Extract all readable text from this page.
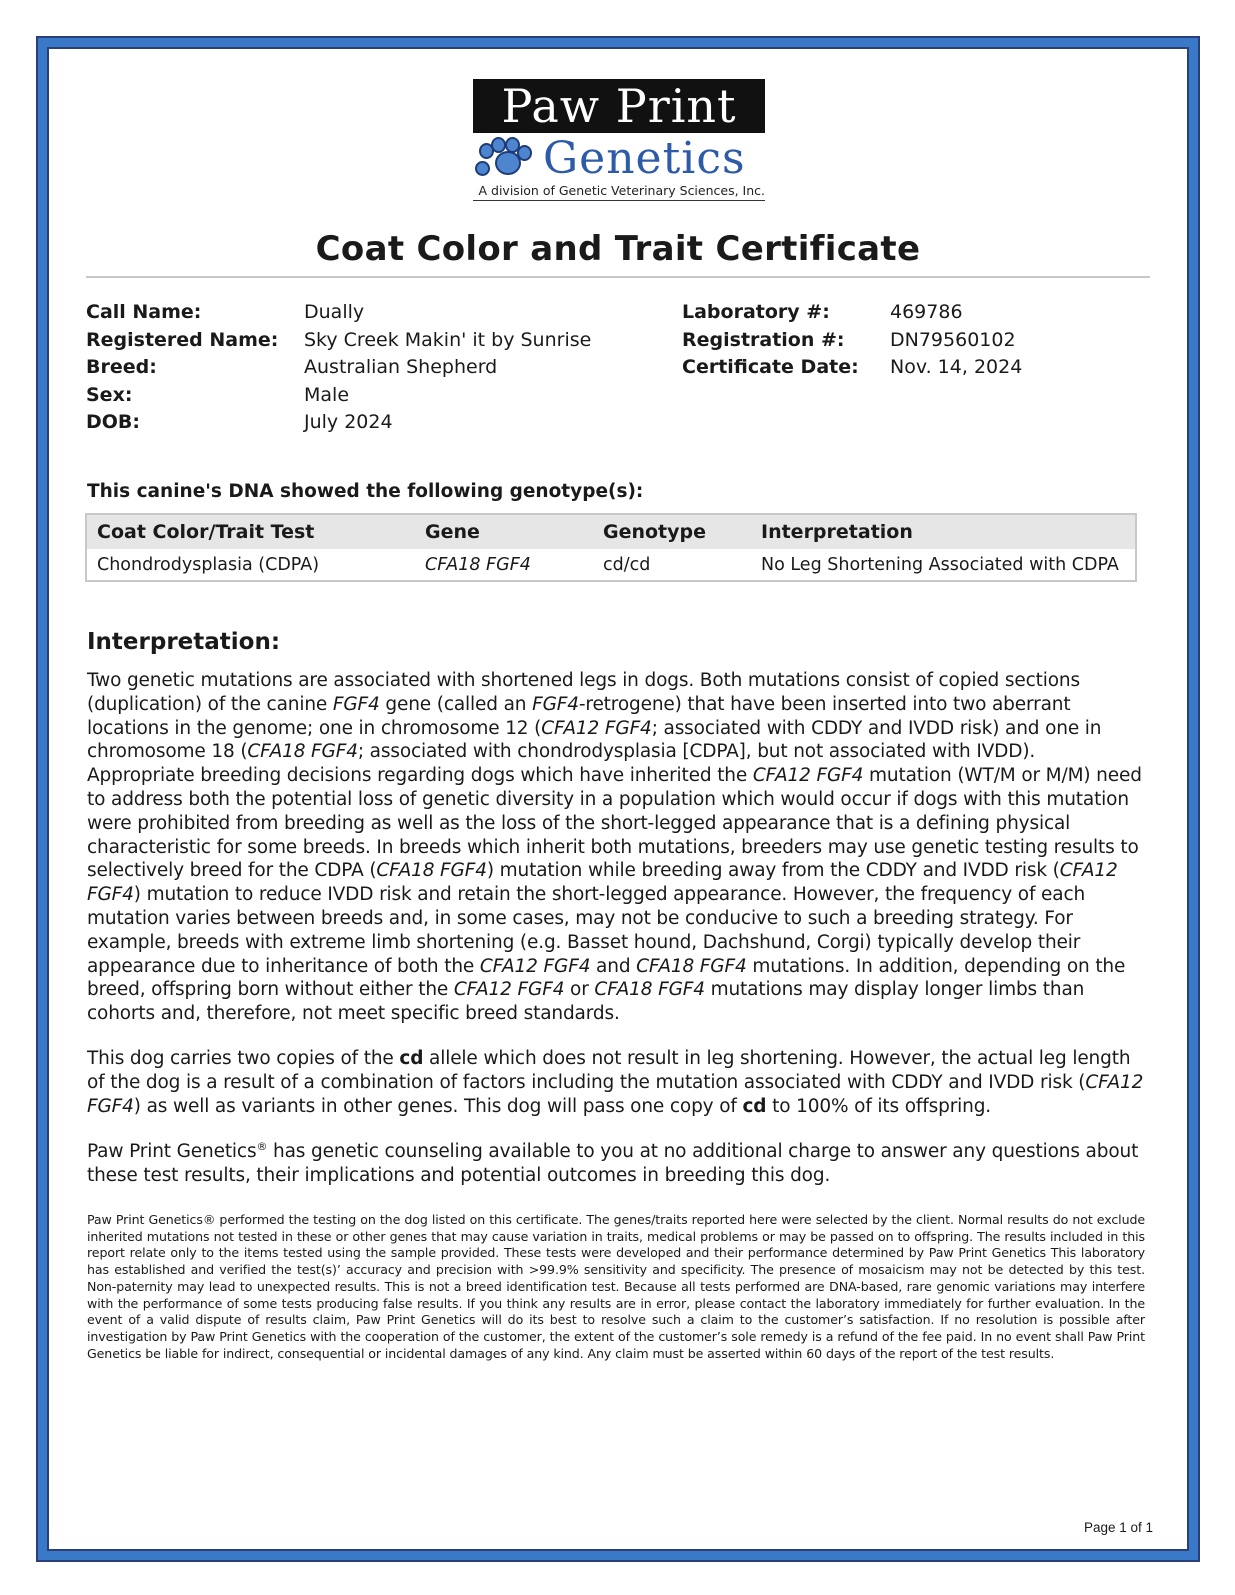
Paw Print
Genetics
A division of Genetic Veterinary Sciences, Inc.
Coat Color and Trait Certificate
Call Name:	Dually
Registered Name:	Sky Creek Makin' it by Sunrise
Breed:	Australian Shepherd
Sex:	Male
DOB:	July 2024
Laboratory #:	469786
Registration #:	DN79560102
Certificate Date:	Nov. 14, 2024
This canine's DNA showed the following genotype(s):
Coat Color/Trait Test	Gene	Genotype	Interpretation
Chondrodysplasia (CDPA)	CFA18 FGF4	cd/cd	No Leg Shortening Associated with CDPA
Interpretation:
Two genetic mutations are associated with shortened legs in dogs. Both mutations consist of copied sections (duplication) of the canine FGF4 gene (called an FGF4-retrogene) that have been inserted into two aberrant locations in the genome; one in chromosome 12 (CFA12 FGF4; associated with CDDY and IVDD risk) and one in chromosome 18 (CFA18 FGF4; associated with chondrodysplasia [CDPA], but not associated with IVDD). Appropriate breeding decisions regarding dogs which have inherited the CFA12 FGF4 mutation (WT/M or M/M) need to address both the potential loss of genetic diversity in a population which would occur if dogs with this mutation were prohibited from breeding as well as the loss of the short-legged appearance that is a defining physical characteristic for some breeds. In breeds which inherit both mutations, breeders may use genetic testing results to selectively breed for the CDPA (CFA18 FGF4) mutation while breeding away from the CDDY and IVDD risk (CFA12 FGF4) mutation to reduce IVDD risk and retain the short-legged appearance. However, the frequency of each mutation varies between breeds and, in some cases, may not be conducive to such a breeding strategy. For example, breeds with extreme limb shortening (e.g. Basset hound, Dachshund, Corgi) typically develop their appearance due to inheritance of both the CFA12 FGF4 and CFA18 FGF4 mutations. In addition, depending on the breed, offspring born without either the CFA12 FGF4 or CFA18 FGF4 mutations may display longer limbs than cohorts and, therefore, not meet specific breed standards.
This dog carries two copies of the cd allele which does not result in leg shortening. However, the actual leg length of the dog is a result of a combination of factors including the mutation associated with CDDY and IVDD risk (CFA12 FGF4) as well as variants in other genes. This dog will pass one copy of cd to 100% of its offspring.
Paw Print Genetics® has genetic counseling available to you at no additional charge to answer any questions about these test results, their implications and potential outcomes in breeding this dog.
Paw Print Genetics® performed the testing on the dog listed on this certificate. The genes/traits reported here were selected by the client. Normal results do not exclude inherited mutations not tested in these or other genes that may cause variation in traits, medical problems or may be passed on to offspring. The results included in this report relate only to the items tested using the sample provided. These tests were developed and their performance determined by Paw Print Genetics This laboratory has established and verified the test(s)’ accuracy and precision with >99.9% sensitivity and specificity. The presence of mosaicism may not be detected by this test. Non-paternity may lead to unexpected results. This is not a breed identification test. Because all tests performed are DNA-based, rare genomic variations may interfere with the performance of some tests producing false results. If you think any results are in error, please contact the laboratory immediately for further evaluation. In the event of a valid dispute of results claim, Paw Print Genetics will do its best to resolve such a claim to the customer’s satisfaction. If no resolution is possible after investigation by Paw Print Genetics with the cooperation of the customer, the extent of the customer’s sole remedy is a refund of the fee paid. In no event shall Paw Print Genetics be liable for indirect, consequential or incidental damages of any kind. Any claim must be asserted within 60 days of the report of the test results.
Page 1 of 1
